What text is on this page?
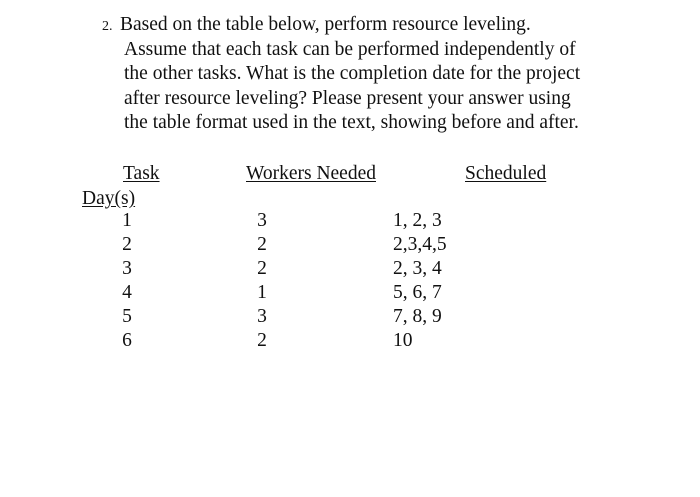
2. Based on the table below, perform resource leveling.
Assume that each task can be performed independently of
the other tasks. What is the completion date for the project
after resource leveling? Please present your answer using
the table format used in the text, showing before and after.
Task	Workers Needed	Scheduled
Day(s)
1	3	1, 2, 3
2	2	2,3,4,5
3	2	2, 3, 4
4	1	5, 6, 7
5	3	7, 8, 9
6	2	10
